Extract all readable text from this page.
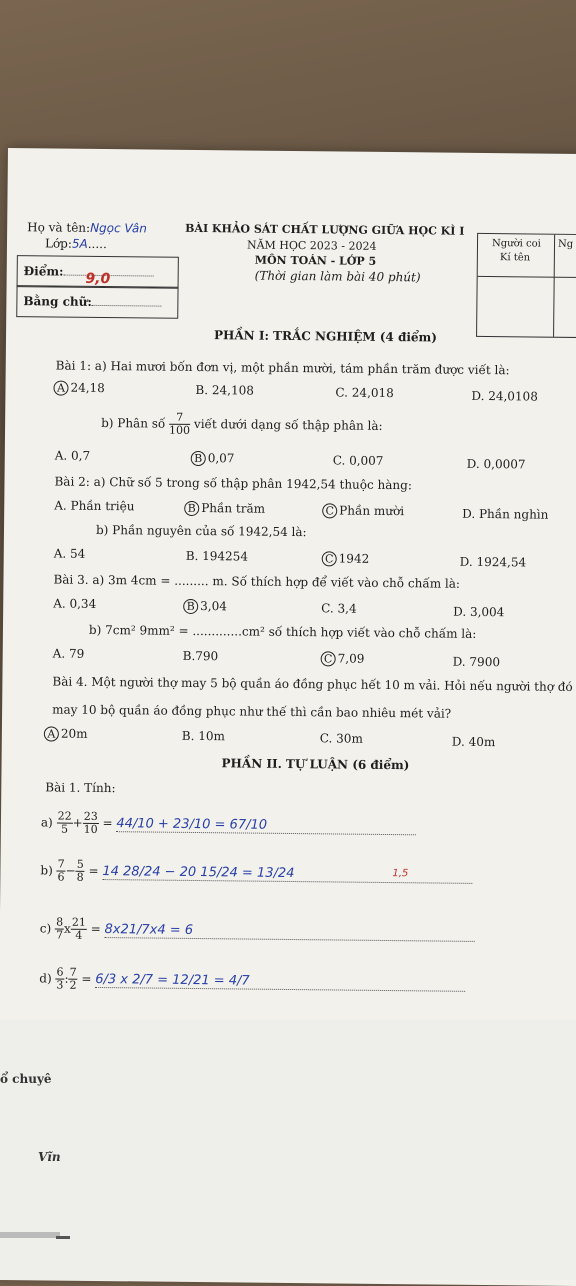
Họ và tên:Ngọc Vân
Lớp:5A.....
Điểm: 9,0
Bằng chữ:
BÀI KHẢO SÁT CHẤT LƯỢNG GIỮA HỌC KÌ I
NĂM HỌC 2023 - 2024
MÔN TOÁN - LỚP 5
(Thời gian làm bài 40 phút)
Người coi
Kí tên
Ng
PHẦN I: TRẮC NGHIỆM (4 điểm)
Bài 1: a) Hai mươi bốn đơn vị, một phần mười, tám phần trăm được viết là:
A 24,18	B. 24,108	C. 24,018	D. 24,0108
b) Phân số $\frac{7}{100}$ viết dưới dạng số thập phân là:
A. 0,7	B 0,07	C. 0,007	D. 0,0007
Bài 2: a) Chữ số 5 trong số thập phân 1942,54 thuộc hàng:
A. Phần triệu	B Phần trăm	C Phần mười	D. Phần nghìn
b) Phần nguyên của số 1942,54 là:
A. 54	B. 194254	C 1942	D. 1924,54
Bài 3. a) 3m 4cm = ......... m. Số thích hợp để viết vào chỗ chấm là:
A. 0,34	B 3,04	C. 3,4	D. 3,004
b) 7cm² 9mm² = .............cm² số thích hợp viết vào chỗ chấm là:
A. 79	B.790	C 7,09	D. 7900
Bài 4. Một người thợ may 5 bộ quần áo đồng phục hết 10 m vải. Hỏi nếu người thợ đó
may 10 bộ quần áo đồng phục như thế thì cần bao nhiêu mét vải?
A 20m	B. 10m	C. 30m	D. 40m
PHẦN II. TỰ LUẬN (6 điểm)
Bài 1. Tính:
$a) \frac{22}{5} + \frac{23}{10} = 44/10 + 23/10 = 67/10$
$b) \frac{7}{6} - \frac{5}{8} = 14$ 28/24 − 20 15/24 = 13/24	1,5
$c) \frac{8}{7}$ x $\frac{21}{4} = 8x21/7x4 = 6$
$d) \frac{6}{3}$ : $\frac{7}{2} = 6/3$ x 2/7 = 12/21 = 4/7
ổ chuyê
Vĩn
